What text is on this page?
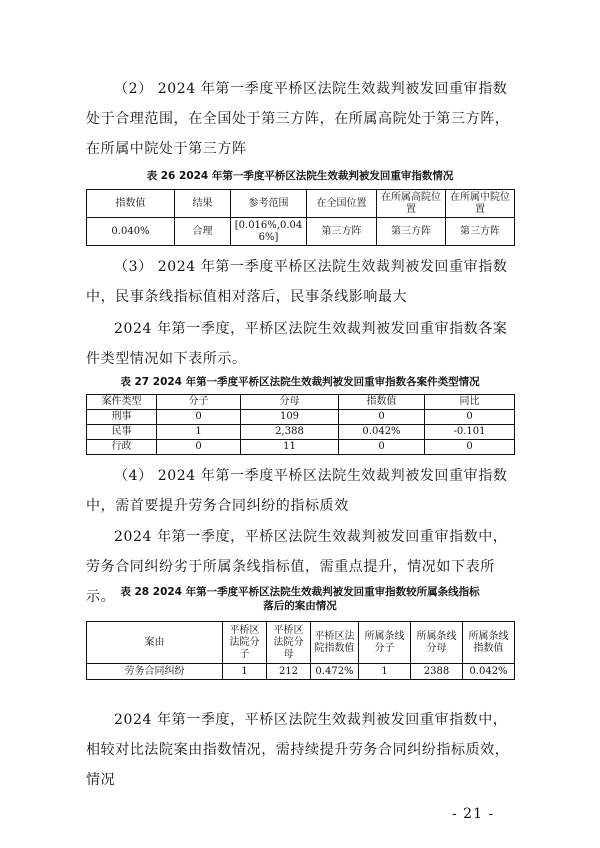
（2） 2024 年第一季度平桥区法院生效裁判被发回重审指数处于合理范围，在全国处于第三方阵，在所属高院处于第三方阵，在所属中院处于第三方阵

表 26 2024 年第一季度平桥区法院生效裁判被发回重审指数情况

指数值	结果	参考范围	在全国位置	在所属高院位置	在所属中院位置
0.040%	合理	[0.016%,0.046%]	第三方阵	第三方阵	第三方阵

（3） 2024 年第一季度平桥区法院生效裁判被发回重审指数中，民事条线指标值相对落后，民事条线影响最大

2024 年第一季度，平桥区法院生效裁判被发回重审指数各案件类型情况如下表所示。

表 27 2024 年第一季度平桥区法院生效裁判被发回重审指数各案件类型情况

案件类型	分子	分母	指数值	同比
刑事	0	109	0	0
民事	1	2,388	0.042%	-0.101
行政	0	11	0	0

（4） 2024 年第一季度平桥区法院生效裁判被发回重审指数中，需首要提升劳务合同纠纷的指标质效

2024 年第一季度，平桥区法院生效裁判被发回重审指数中，劳务合同纠纷劣于所属条线指标值，需重点提升，情况如下表所示。 表 28 2024 年第一季度平桥区法院生效裁判被发回重审指数较所属条线指标
落后的案由情况

案由	平桥区法院分子	平桥区法院分母	平桥区法院指数值	所属条线分子	所属条线分母	所属条线指数值
劳务合同纠纷	1	212	0.472%	1	2388	0.042%

2024 年第一季度，平桥区法院生效裁判被发回重审指数中，相较对比法院案由指数情况，需持续提升劳务合同纠纷指标质效，情况

- 21 -
